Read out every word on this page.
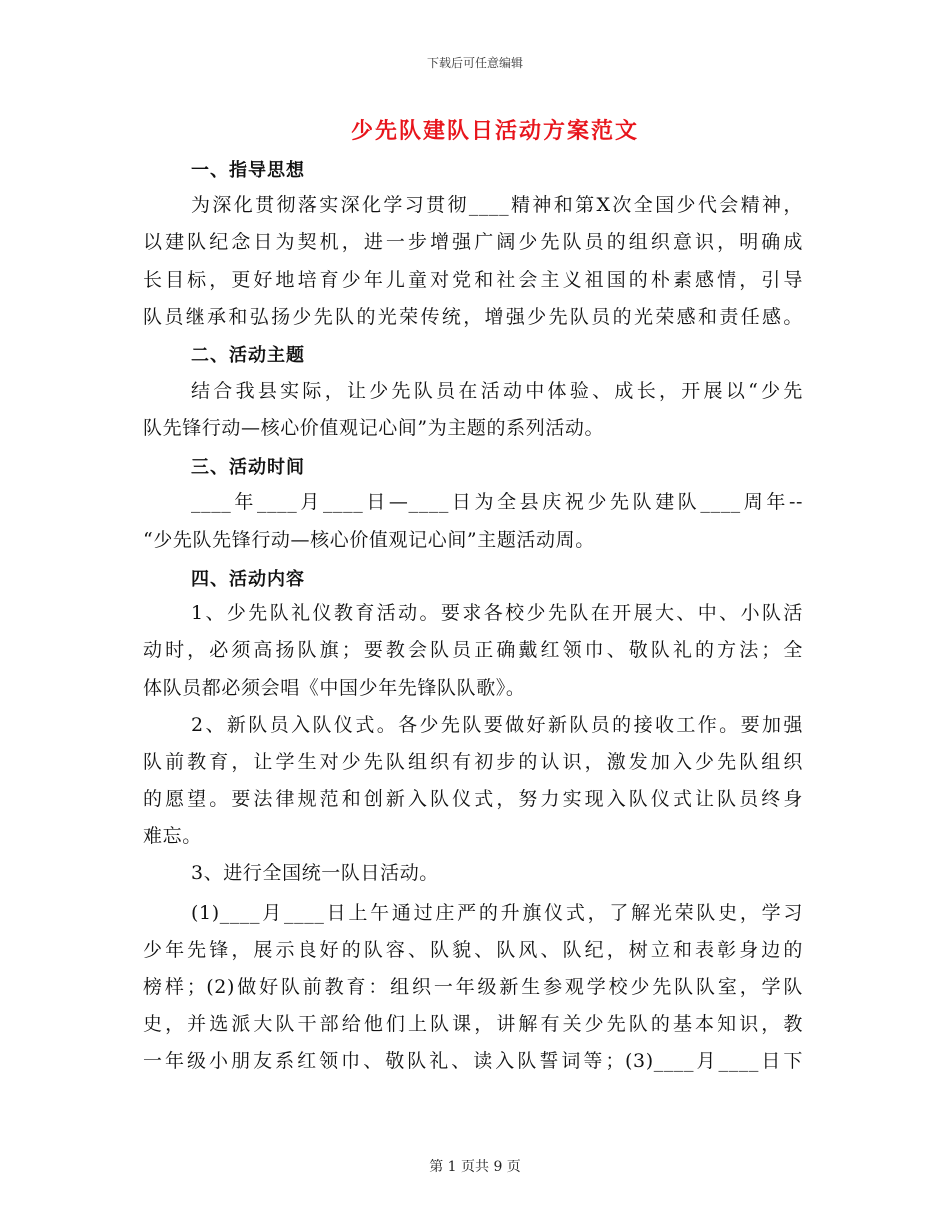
下载后可任意编辑
少先队建队日活动方案范文
一、指导思想
为深化贯彻落实深化学习贯彻____精神和第X次全国少代会精神，
以建队纪念日为契机，进一步增强广阔少先队员的组织意识，明确成
长目标，更好地培育少年儿童对党和社会主义祖国的朴素感情，引导
队员继承和弘扬少先队的光荣传统，增强少先队员的光荣感和责任感。
二、活动主题
结合我县实际，让少先队员在活动中体验、成长，开展以“少先
队先锋行动—核心价值观记心间”为主题的系列活动。
三、活动时间
____年____月____日—____日为全县庆祝少先队建队____周年--
“少先队先锋行动—核心价值观记心间”主题活动周。
四、活动内容
1、少先队礼仪教育活动。要求各校少先队在开展大、中、小队活
动时，必须高扬队旗；要教会队员正确戴红领巾、敬队礼的方法；全
体队员都必须会唱《中国少年先锋队队歌》。
2、新队员入队仪式。各少先队要做好新队员的接收工作。要加强
队前教育，让学生对少先队组织有初步的认识，激发加入少先队组织
的愿望。要法律规范和创新入队仪式，努力实现入队仪式让队员终身
难忘。
3、进行全国统一队日活动。
(1)____月____日上午通过庄严的升旗仪式，了解光荣队史，学习
少年先锋，展示良好的队容、队貌、队风、队纪，树立和表彰身边的
榜样；(2)做好队前教育：组织一年级新生参观学校少先队队室，学队
史，并选派大队干部给他们上队课，讲解有关少先队的基本知识，教
一年级小朋友系红领巾、敬队礼、读入队誓词等；(3)____月____日下
第 1 页共 9 页
